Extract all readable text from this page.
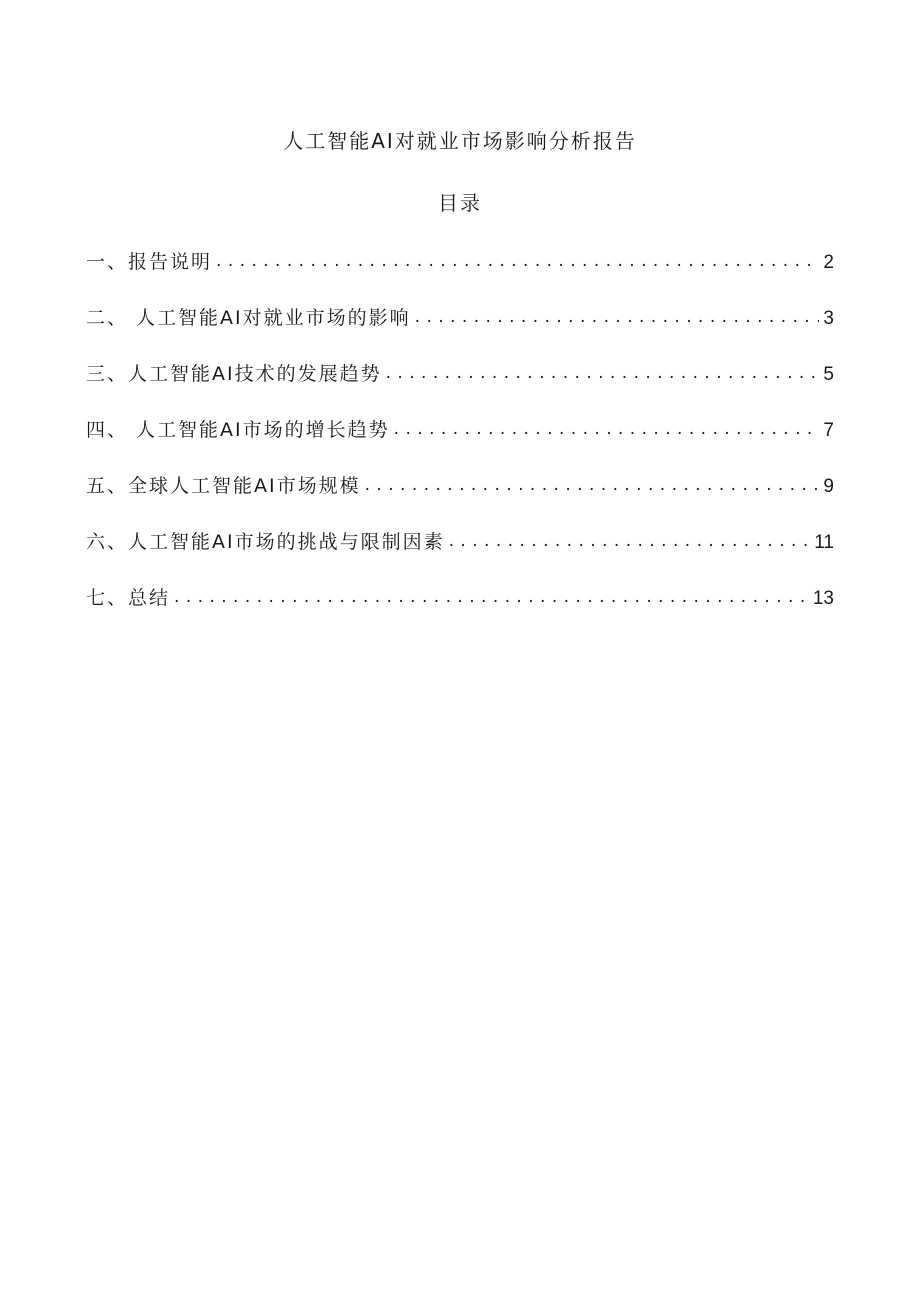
人工智能AI对就业市场影响分析报告
目录
一、报告说明 . . .	2
二、 人工智能AI对就业市场的影响 . . .	3
三、人工智能AI技术的发展趋势 . . .	5
四、 人工智能AI市场的增长趋势 . . .	7
五、全球人工智能AI市场规模 . . .	9
六、人工智能AI市场的挑战与限制因素 . . .	11
七、总结 . . .	13
